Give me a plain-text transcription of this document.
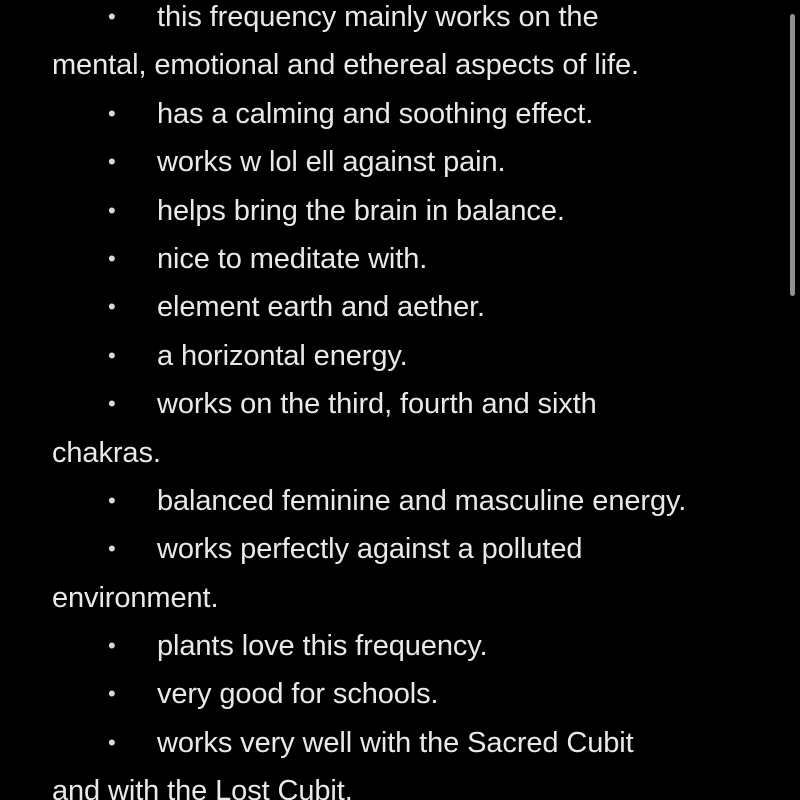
• this frequency mainly works on the
mental, emotional and ethereal aspects of life.
• has a calming and soothing effect.
• works w lol ell against pain.
• helps bring the brain in balance.
• nice to meditate with.
• element earth and aether.
• a horizontal energy.
• works on the third, fourth and sixth
chakras.
• balanced feminine and masculine energy.
• works perfectly against a polluted
environment.
• plants love this frequency.
• very good for schools.
• works very well with the Sacred Cubit
and with the Lost Cubit.
